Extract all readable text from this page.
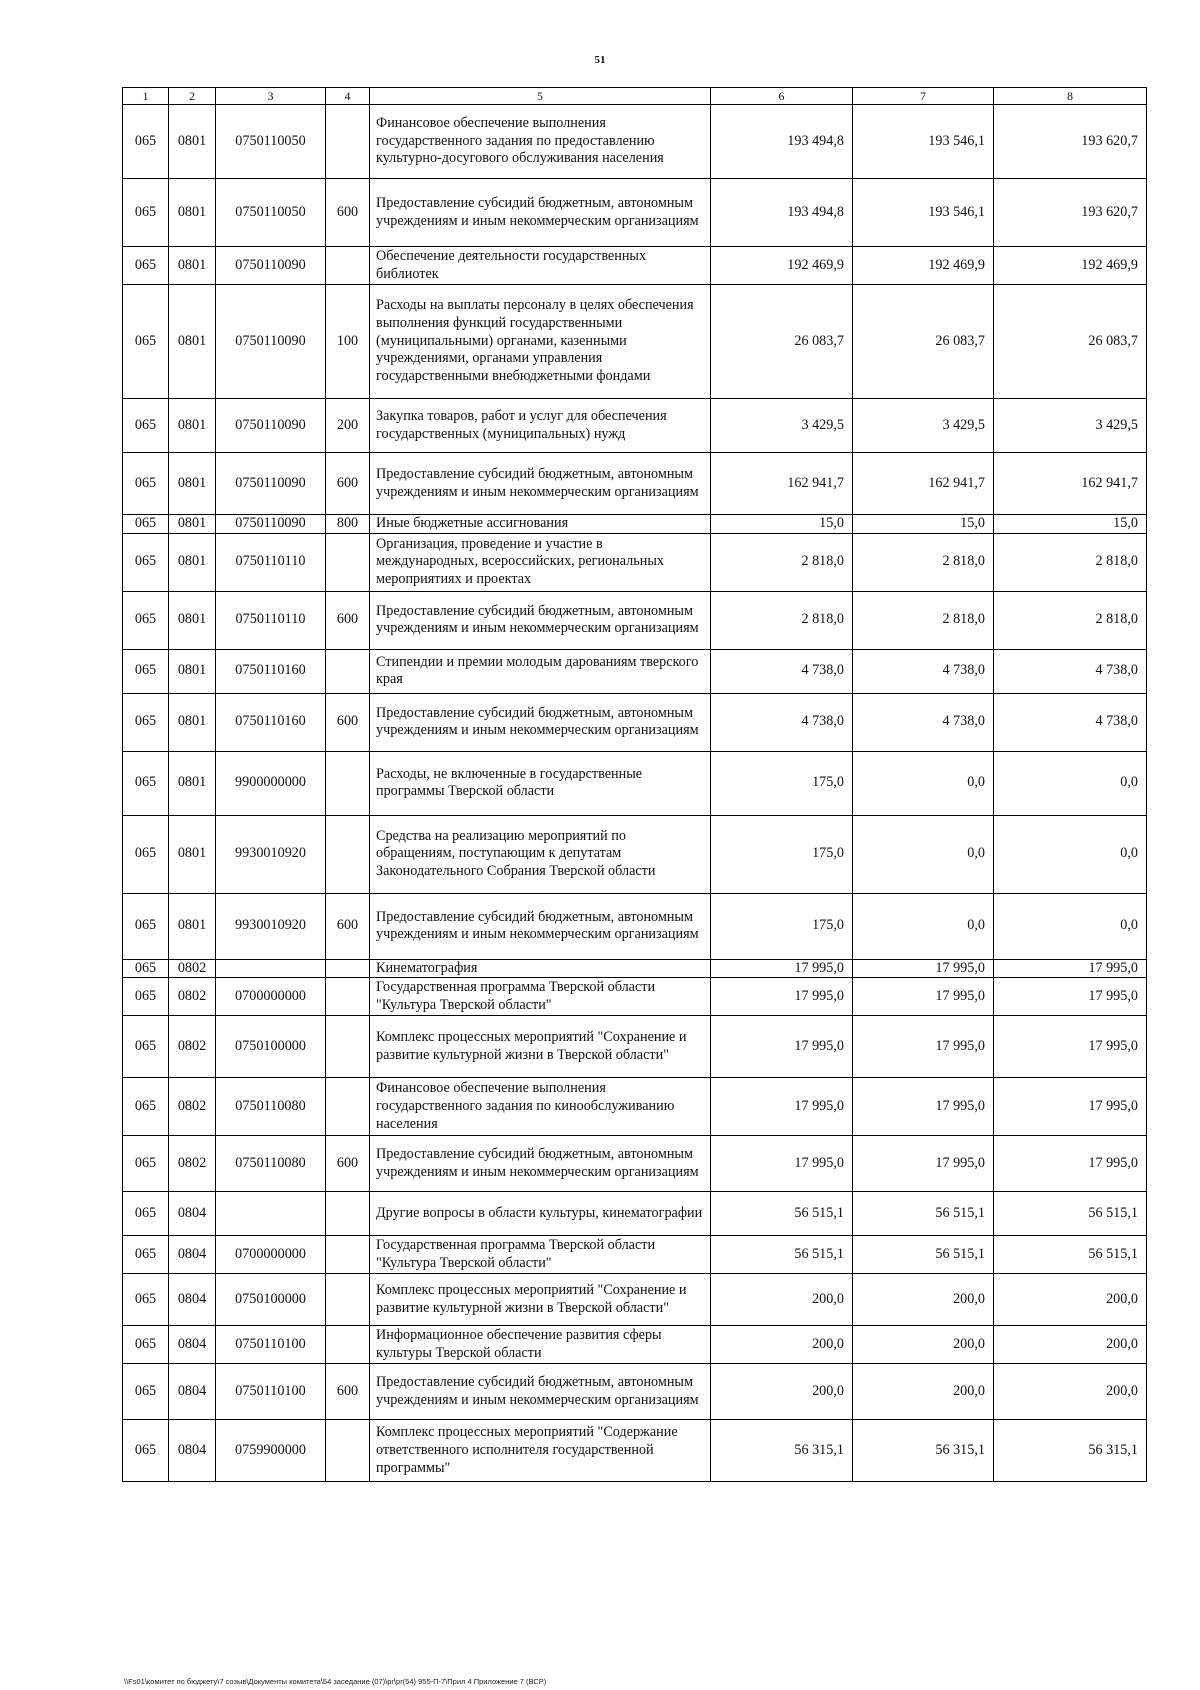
51
1	2	3	4	5	6	7	8
065	0801	0750110050		Финансовое обеспечение выполнения государственного задания по предоставлению культурно-досугового обслуживания населения	193 494,8	193 546,1	193 620,7
065	0801	0750110050	600	Предоставление субсидий бюджетным, автономным учреждениям и иным некоммерческим организациям	193 494,8	193 546,1	193 620,7
065	0801	0750110090		Обеспечение деятельности государственных библиотек	192 469,9	192 469,9	192 469,9
065	0801	0750110090	100	Расходы на выплаты персоналу в целях обеспечения выполнения функций государственными (муниципальными) органами, казенными учреждениями, органами управления государственными внебюджетными фондами	26 083,7	26 083,7	26 083,7
065	0801	0750110090	200	Закупка товаров, работ и услуг для обеспечения государственных (муниципальных) нужд	3 429,5	3 429,5	3 429,5
065	0801	0750110090	600	Предоставление субсидий бюджетным, автономным учреждениям и иным некоммерческим организациям	162 941,7	162 941,7	162 941,7
065	0801	0750110090	800	Иные бюджетные ассигнования	15,0	15,0	15,0
065	0801	0750110110		Организация, проведение и участие в международных, всероссийских, региональных мероприятиях и проектах	2 818,0	2 818,0	2 818,0
065	0801	0750110110	600	Предоставление субсидий бюджетным, автономным учреждениям и иным некоммерческим организациям	2 818,0	2 818,0	2 818,0
065	0801	0750110160		Стипендии и премии молодым дарованиям тверского края	4 738,0	4 738,0	4 738,0
065	0801	0750110160	600	Предоставление субсидий бюджетным, автономным учреждениям и иным некоммерческим организациям	4 738,0	4 738,0	4 738,0
065	0801	9900000000		Расходы, не включенные в государственные программы Тверской области	175,0	0,0	0,0
065	0801	9930010920		Средства на реализацию мероприятий по обращениям, поступающим к депутатам Законодательного Собрания Тверской области	175,0	0,0	0,0
065	0801	9930010920	600	Предоставление субсидий бюджетным, автономным учреждениям и иным некоммерческим организациям	175,0	0,0	0,0
065	0802			Кинематография	17 995,0	17 995,0	17 995,0
065	0802	0700000000		Государственная программа Тверской области "Культура Тверской области"	17 995,0	17 995,0	17 995,0
065	0802	0750100000		Комплекс процессных мероприятий "Сохранение и развитие культурной жизни в Тверской области"	17 995,0	17 995,0	17 995,0
065	0802	0750110080		Финансовое обеспечение выполнения государственного задания по кинообслуживанию населения	17 995,0	17 995,0	17 995,0
065	0802	0750110080	600	Предоставление субсидий бюджетным, автономным учреждениям и иным некоммерческим организациям	17 995,0	17 995,0	17 995,0
065	0804			Другие вопросы в области культуры, кинематографии	56 515,1	56 515,1	56 515,1
065	0804	0700000000		Государственная программа Тверской области "Культура Тверской области"	56 515,1	56 515,1	56 515,1
065	0804	0750100000		Комплекс процессных мероприятий "Сохранение и развитие культурной жизни в Тверской области"	200,0	200,0	200,0
065	0804	0750110100		Информационное обеспечение развития сферы культуры Тверской области	200,0	200,0	200,0
065	0804	0750110100	600	Предоставление субсидий бюджетным, автономным учреждениям и иным некоммерческим организациям	200,0	200,0	200,0
065	0804	0759900000		Комплекс процессных мероприятий "Содержание ответственного исполнителя государственной программы"	56 315,1	56 315,1	56 315,1
\\Fs01\комитет по бюджету\7 созыв\Документы комитета\54 заседание (07)\pr\pr(54) 955-П-7\Прил 4 Приложение 7 (ВСР)
